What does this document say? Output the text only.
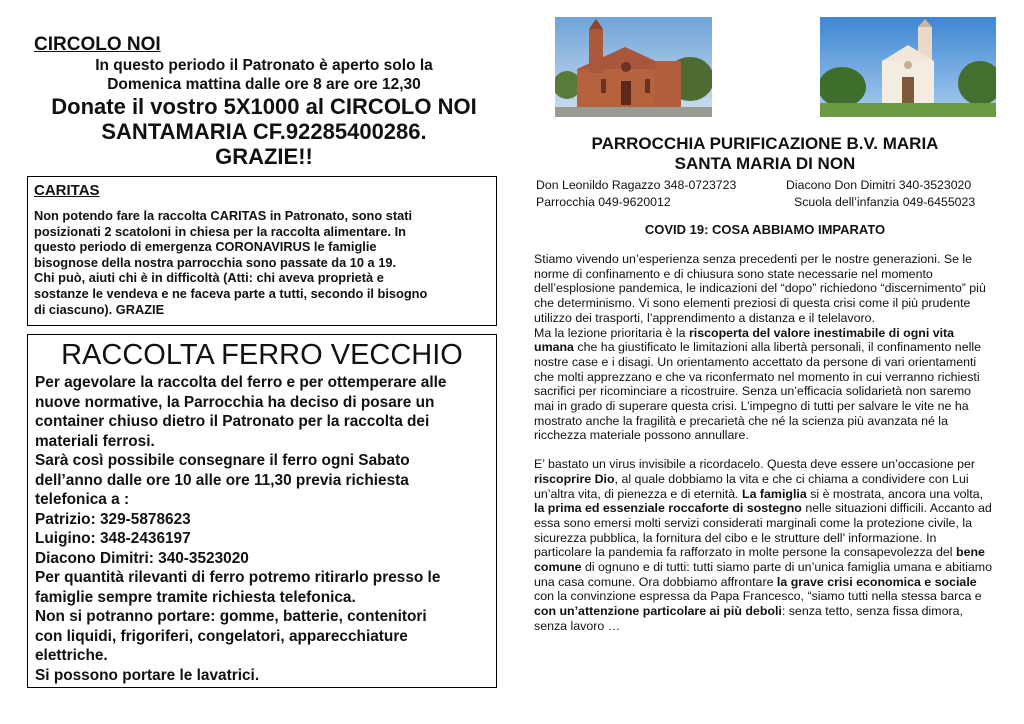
CIRCOLO NOI
In questo periodo il Patronato è aperto solo la
Domenica mattina dalle ore 8 are ore 12,30
Donate il vostro 5X1000 al CIRCOLO NOI
SANTAMARIA CF.92285400286.
GRAZIE!!
CARITAS
Non potendo fare la raccolta CARITAS in Patronato, sono stati
posizionati 2 scatoloni in chiesa per la raccolta alimentare. In
questo periodo di emergenza CORONAVIRUS le famiglie
bisognose della nostra parrocchia sono passate da 10 a 19.
Chi può, aiuti chi è in difficoltà (Atti: chi aveva proprietà e
sostanze le vendeva e ne faceva parte a tutti, secondo il bisogno
di ciascuno). GRAZIE
RACCOLTA FERRO VECCHIO
Per agevolare la raccolta del ferro e per ottemperare alle
nuove normative, la Parrocchia ha deciso di posare un
container chiuso dietro il Patronato per la raccolta dei
materiali ferrosi.
Sarà così possibile consegnare il ferro ogni Sabato
dell’anno dalle ore 10 alle ore 11,30 previa richiesta
telefonica a :
Patrizio: 329-5878623
Luigino: 348-2436197
Diacono Dimitri: 340-3523020
Per quantità rilevanti di ferro potremo ritirarlo presso le
famiglie sempre tramite richiesta telefonica.
Non si potranno portare: gomme, batterie, contenitori
con liquidi, frigoriferi, congelatori, apparecchiature
elettriche.
Si possono portare le lavatrici.
PARROCCHIA PURIFICAZIONE B.V. MARIA
SANTA MARIA DI NON
Don Leonildo Ragazzo 348-0723723	Diacono Don Dimitri 340-3523020
Parrocchia 049-9620012	Scuola dell’infanzia 049-6455023
COVID 19: COSA ABBIAMO IMPARATO

Stiamo vivendo un’esperienza senza precedenti per le nostre generazioni. Se le norme di confinamento e di chiusura sono state necessarie nel momento dell’esplosione pandemica, le indicazioni del “dopo” richiedono “discernimento” più che determinismo. Vi sono elementi preziosi di questa crisi come il più prudente utilizzo dei trasporti, l’apprendimento a distanza e il telelavoro.

Ma la lezione prioritaria è la riscoperta del valore inestimabile di ogni vita umana che ha giustificato le limitazioni alla libertà personali, il confinamento nelle nostre case e i disagi. Un orientamento accettato da persone di vari orientamenti che molti apprezzano e che va riconfermato nel momento in cui verranno richiesti sacrifici per ricominciare a ricostruire. Senza un’efficacia solidarietà non saremo mai in grado di superare questa crisi. L’impegno di tutti per salvare le vite ne ha mostrato anche la fragilità e precarietà che né la scienza più avanzata né la ricchezza materiale possono annullare.

E’ bastato un virus invisibile a ricordacelo. Questa deve essere un’occasione per riscoprire Dio, al quale dobbiamo la vita e che ci chiama a condividere con Lui un’altra vita, di pienezza e di eternità. La famiglia si è mostrata, ancora una volta, la prima ed essenziale roccaforte di sostegno nelle situazioni difficili. Accanto ad essa sono emersi molti servizi considerati marginali come la protezione civile, la sicurezza pubblica, la fornitura del cibo e le strutture dell’ informazione. In particolare la pandemia fa rafforzato in molte persone la consapevolezza del bene comune di ognuno e di tutti: tutti siamo parte di un’unica famiglia umana e abitiamo una casa comune. Ora dobbiamo affrontare la grave crisi economica e sociale con la convinzione espressa da Papa Francesco, “siamo tutti nella stessa barca e con un’attenzione particolare ai più deboli: senza tetto, senza fissa dimora, senza lavoro …
